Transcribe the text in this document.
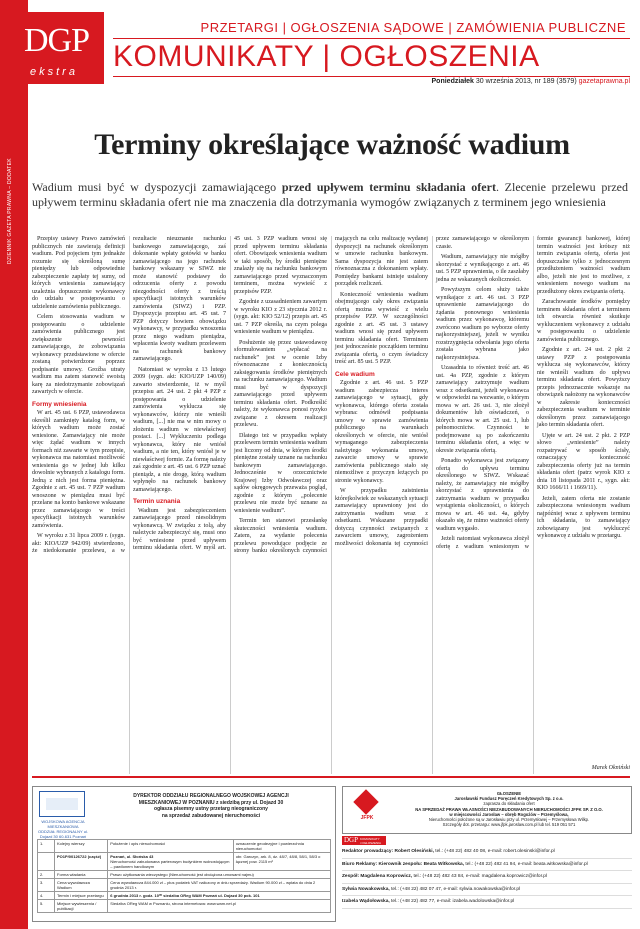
DZIENNIK GAZETA PRAWNA – DODATEK
DGP
ekstra
PRZETARGI | OGŁOSZENIA SĄDOWE | ZAMÓWIENIA PUBLICZNE
KOMUNIKATY | OGŁOSZENIA
Poniedziałek 30 września 2013, nr 189 (3579) gazetaprawna.pl
Terminy określające ważność wadium
Wadium musi być w dyspozycji zamawiającego przed upływem terminu składania ofert. Zlecenie przelewu przed upływem terminu składania ofert nie ma znaczenia dla dotrzymania wymogów związanych z terminem jego wniesienia

Przepisy ustawy Prawo zamówień publicznych nie zawierają definicji wadium. Pod pojęciem tym jednakże rozumie się określoną sumę pieniędzy lub odpowiednie zabezpieczenie zapłaty tej sumy, od których wniesienia zamawiający uzależnia dopuszczenie wykonawcy do udziału w postępowaniu o udzielenie zamówienia publicznego.

Celem stosowania wadium w postępowaniu o udzielenie zamówienia publicznego jest zwiększenie pewności zamawiającego, że zobowiązania wykonawcy przedstawione w ofercie zostaną potwierdzone poprzez podpisanie umowy. Groźba utraty wadium ma zatem stanowić swoistą karę za niedotrzymanie zobowiązań zawartych w ofercie.

Formy wniesienia

W art. 45 ust. 6 PZP, ustawodawca określił zamknięty katalog form, w których wadium może zostać wniesione. Zamawiający nie może więc żądać wadium w innych formach niż zawarte w tym przepisie, wykonawca ma natomiast możliwość wniesienia go w jednej lub kilku dowolnie wybranych z katalogu form. Jedną z nich jest forma pieniężna. Zgodnie z art. 45 ust. 7 PZP wadium wnoszone w pieniądzu musi być przelane na konto bankowe wskazane przez zamawiającego w treści specyfikacji istotnych warunków zamówienia.

W wyroku z 31 lipca 2009 r. (sygn. akt: KIO/UZP 942/09) stwierdzono, że niedokonanie przelewu, a w rezultacie nieuznanie rachunku bankowego zamawiającego, zaś dokonanie wpłaty gotówki w banku zamawiającego na jego rachunek bankowy wskazany w SIWZ nie może stanowić podstawy do odrzucenia oferty z powodu niezgodności oferty z treścią specyfikacji istotnych warunków zamówienia (SIWZ) i PZP. Dyspozycja przepisu art. 45 ust. 7 PZP dotyczy bowiem obowiązku wykonawcy, w przypadku wnoszenia przez niego wadium pieniądza, wpłacenia kwoty wadium przelewem na rachunek bankowy zamawiającego.

Natomiast w wyroku z 13 lutego 2009 (sygn. akt: KIO/UZP 140/09) zawarto stwierdzenie, iż w myśl przepisu art. 24 ust. 2 pkt 4 PZP z postępowania o udzielenie zamówienia wyklucza się wykonawców, którzy nie wnieśli wadium, [...] nie ma w nim mowy o złożeniu wadium w niewłaściwej postaci. [...] Wykluczeniu podlega wykonawca, który nie wniósł wadium, a nie ten, który wniósł je w niewłaściwej formie. Za formę należy zaś zgodnie z art. 45 ust. 6 PZP uznać pieniądz, a nie drogę, którą wadium wpłynęło na rachunek bankowy zamawiającego.

Termin uznania

Wadium jest zabezpieczeniem zamawiającego przed niesolidnym wykonawcą. W związku z tolą, aby należycie zabezpieczyć się, musi ono być wniesione przed upływem terminu składania ofert. W myśl art. 45 ust. 3 PZP wadium wnosi się przed upływem terminu składania ofert. Obowiązek wniesienia wadium w taki sposób, by środki pieniężne znalazły się na rachunku bankowym zamawiającego przed wyznaczonym terminem, można wywieść z przepisów PZP.

Zgodnie z uzasadnieniem zawartym w wyroku KIO z 23 stycznia 2012 r. (sygn. akt: KIO 52/12) przepis art. 45 ust. 7 PZP określa, na czym polega wniesienie wadium w pieniądzu.

Posłużenie się przez ustawodawcę sformułowaniem „wpłacać na rachunek” jest w ocenie Izby równoznaczne z koniecznością zaksięgowania środków pieniężnych na rachunku zamawiającego. Wadium musi być w dyspozycji zamawiającego przed upływem terminu składania ofert. Podkreślić należy, że wykonawca ponosi ryzyko związane z okresem realizacji przelewu.

Dlatego też w przypadku wpłaty przelewem termin wniesienia wadium jest liczony od dnia, w którym środki pieniężne zostały uznane na rachunku bankowym zamawiającego. Jednocześnie w orzecznictwie Krajowej Izby Odwoławczej oraz sądów okręgowych przeważa pogląd, zgodnie z którym „polecenie przelewu nie może być uznane za wniesienie wadium”.

Termin ten stanowi przesłankę skuteczności wniesienia wadium. Zatem, za wydanie polecenia przelewu powodujące podjęcie ze strony banku określonych czynności mających na celu realizację wydanej dyspozycji na rachunek określonym w umowie rachunku bankowym. Sama dyspozycja nie jest zatem równoznaczna z dokonaniem wpłaty. Pomiędzy bankami istnieje ustalony porządek rozliczeń.

Konieczność wniesienia wadium obejmującego cały okres związania ofertą można wywieść z wielu przepisów PZP. W szczególności zgodnie z art. 45 ust. 3 ustawy wadium wnosi się przed upływem terminu składania ofert. Terminem jest jednocześnie początkiem terminu związania ofertą, o czym świadczy treść art. 85 ust. 5 PZP.

Cele wadium

Zgodnie z art. 46 ust. 5 PZP wadium zabezpiecza interes zamawiającego w sytuacji, gdy wykonawca, którego oferta została wybrana: odmówił podpisania umowy w sprawie zamówienia publicznego na warunkach określonych w ofercie, nie wniósł wymaganego zabezpieczenia należytego wykonania umowy, zawarcie umowy w sprawie zamówienia publicznego stało się niemożliwe z przyczyn leżących po stronie wykonawcy.

W przypadku zaistnienia którejkolwiek ze wskazanych sytuacji zamawiający uprawniony jest do zatrzymania wadium wraz z odsetkami. Wskazane przypadki dotyczą czynności związanych z zawarciem umowy, zagrożeniem możliwości dokonania tej czynności przez zamawiającego w określonym czasie.

Wadium, zamawiający nie mógłby skorzystać z wynikającego z art. 46 ust. 5 PZP uprawnienia, o ile zaszłaby jedna ze wskazanych okoliczności.

Powyższym celom służy także wynikające z art. 46 ust. 3 PZP uprawnienie zamawiającego do żądania ponownego wniesienia wadium przez wykonawcę, któremu zwrócono wadium po wyborze oferty najkorzystniejszej, jeżeli w wyniku rozstrzygnięcia odwołania jego oferta została wybrana jako najkorzystniejsza.

Uzasadnia to również treść art. 46 ust. 4a PZP, zgodnie z którym zamawiający zatrzymuje wadium wraz z odsetkami, jeżeli wykonawca w odpowiedzi na wezwanie, o którym mowa w art. 26 ust. 3, nie złożył dokumentów lub oświadczeń, o których mowa w art. 25 ust. 1, lub pełnomocnictw. Czynności te podejmowane są po zakończeniu terminu składania ofert, a więc w okresie związania ofertą.

Ponadto wykonawca jest związany ofertą do upływu terminu określonego w SIWZ. Wskazać należy, że zamawiający nie mógłby skorzystać z uprawnienia do zatrzymania wadium w przypadku wystąpienia okoliczności, o których mowa w art. 46 ust. 4a, gdyby okazało się, że mimo ważności oferty wadium wygasło.

Jeżeli natomiast wykonawca złożył ofertę z wadium wniesionym w formie gwarancji bankowej, której termin ważności jest krótszy niż termin związania ofertą, oferta jest dopuszczalne tylko z jednoczesnym przedłużeniem ważności wadium albo, jeżeli nie jest to możliwe, z wniesieniem nowego wadium na przedłużony okres związania ofertą.

Zarachowanie środków pomiędzy terminem składania ofert a terminem ich otwarcia również skutkuje wykluczeniem wykonawcy z udziału w postępowaniu o udzielenie zamówienia publicznego.

Zgodnie z art. 24 ust. 2 pkt 2 ustawy PZP z postępowania wyklucza się wykonawców, którzy nie wnieśli wadium do upływu terminu składania ofert. Powyższy przepis jednoznacznie wskazuje na obowiązek nałożony na wykonawców w zakresie konieczności zabezpieczenia wadium w terminie określonym przez zamawiającego jako termin składania ofert.

Ujęte w art. 24 ust. 2 pkt. 2 PZP słowo „wniesienie” należy rozpatrywać w sposób ścisły, oznaczający konieczność zabezpieczenia oferty już na termin składania ofert (patrz wyrok KIO z dnia 18 listopada 2011 r., sygn. akt: KIO 1666/11 i 1669/11).

Jeżeli, zatem oferta nie zostanie zabezpieczona wniesionym wadium najpóźniej wraz z upływem terminu ich składania, to zamawiający zobowiązany jest wykluczyć wykonawcę z udziału w przetargu.

Marek Okniński
WOJSKOWA AGENCJA MIESZKANIOWA
ODDZIAŁ REGIONALNY ul. Dojazd 30 60-631 Poznań
DYREKTOR ODDZIAŁU REGIONALNEGO WOJSKOWEJ AGENCJI
MIESZKANIOWEJ W POZNANIU z siedzibą przy ul. Dojazd 30
ogłasza pisemny ustny przetarg nieograniczony
na sprzedaż zabudowanej nieruchomości
1.	Kolejny wierszy	Położenie i opis nieruchomości	oznaczenie geodezyjne i powierzchnia nieruchomości
	PO1P/00126722 (część)	Poznań, ul. Słońska 43
Nieruchomość zabudowana parterowym budynkiem wolnostojącym – pawilonem handlowym	obr. Garczyn, ark. 8, dz. 48/7, 48/8, 58/1, 58/3 o łącznej pow. 2115 m²
2.	Forma władania	Prawo użytkowania wieczystego (Nieruchomość jest obciążona umowami najmu)	
3.	Cena wywoławcza Wadium	Cena wywoławcza 844.000 zł – plus podatek VAT naliczony w dniu sprzedaży. Wadium 90.000 zł – wpłata do dnia 2 grudnia 2013 r.	
4.	Termin i miejsce przetargu	6 grudnia 2013 r. godz. 10⁰⁰ siedziba OReg WAM Poznań ul. Dojazd 30 pok. 101	
5.	Miejsce wywieszenia / publikacji	Siedziba OReg WAM w Poznaniu, strona internetowa: www.wam.net.pl	
JFPK
GŁOSZENIE
Jarosławski Fundusz Poręczeń Kredytowych Sp. z o.o.
zaprasza do składania ofert
NA SPRZEDAŻ PRAWA WŁASNOŚCI NIEZABUDOWANYCH NIERUCHOMOŚCI JFPK SP. Z O.O.
w miejscowości Jarosław – obręb Rogożów – Przemyślowa,
Nieruchomości położone są w Jarosławiu przy ul. Przemysłowej – Przemysłowa Wilkp.
Szczegóły dot. przetargu: www.jfpk.jaroslaw.com.pl lub tel. 519 051 571
DGP KOMUNIKATY
i OGŁOSZENIA
Redaktor prowadzący: Robert Olesiński, tel.: (+48 22) 482 40 08, e-mail: robert.olesinski@infor.pl
Biuro Reklamy: Kierownik zespołu: Beata Witkowska, tel.: (+48 22) 482 41 94, e-mail: beata.witkowska@infor.pl
Zespół: Magdalena Koprowicz, tel.: (+48 22) 482 43 84, e-mail: magdalena.koprowicz@infor.pl
Sylwia Nowakowska, tel.: (+48 22) 482 07 47, e-mail: sylwia.nowakowska@infor.pl
Izabela Wądołowska, tel.: (+48 22) 482 77, e-mail: izabela.wadolowska@infor.pl
